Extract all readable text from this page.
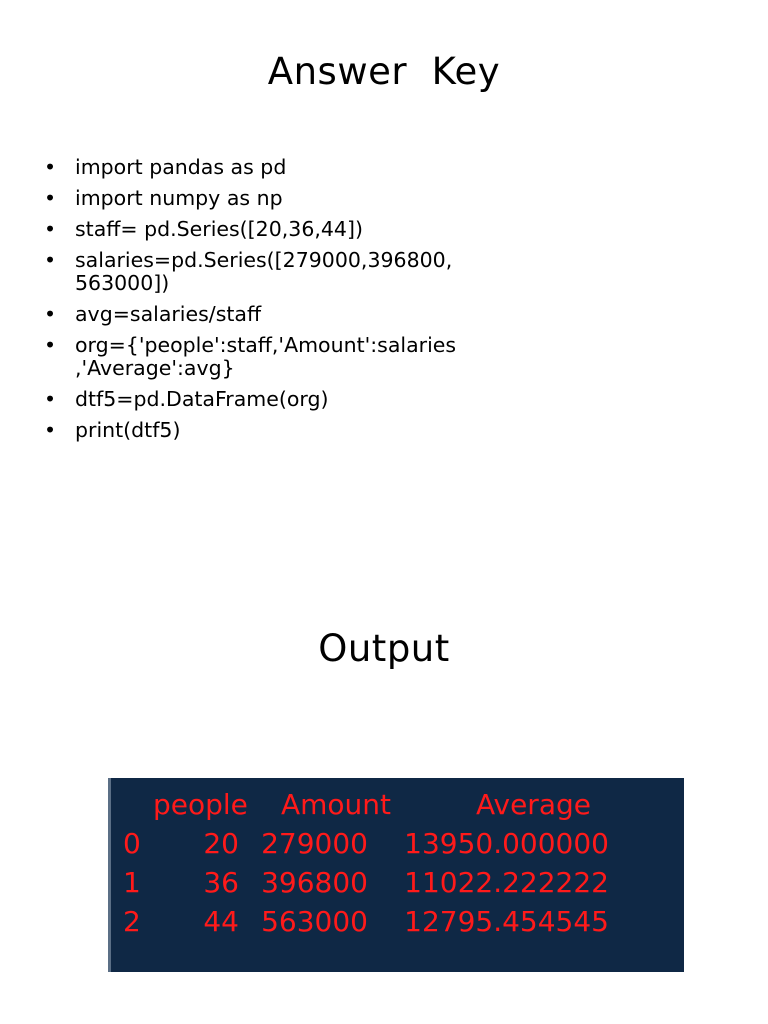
Answer  Key
• import pandas as pd
• import numpy as np
• staff= pd.Series([20,36,44])
• salaries=pd.Series([279000,396800,
563000])
• avg=salaries/staff
• org={'people':staff,'Amount':salaries
,'Average':avg}
• dtf5=pd.DataFrame(org)
• print(dtf5)
Output
people Amount	Average
0	20 279000	13950.000000
1	36 396800	11022.222222
2	44 563000	12795.454545
